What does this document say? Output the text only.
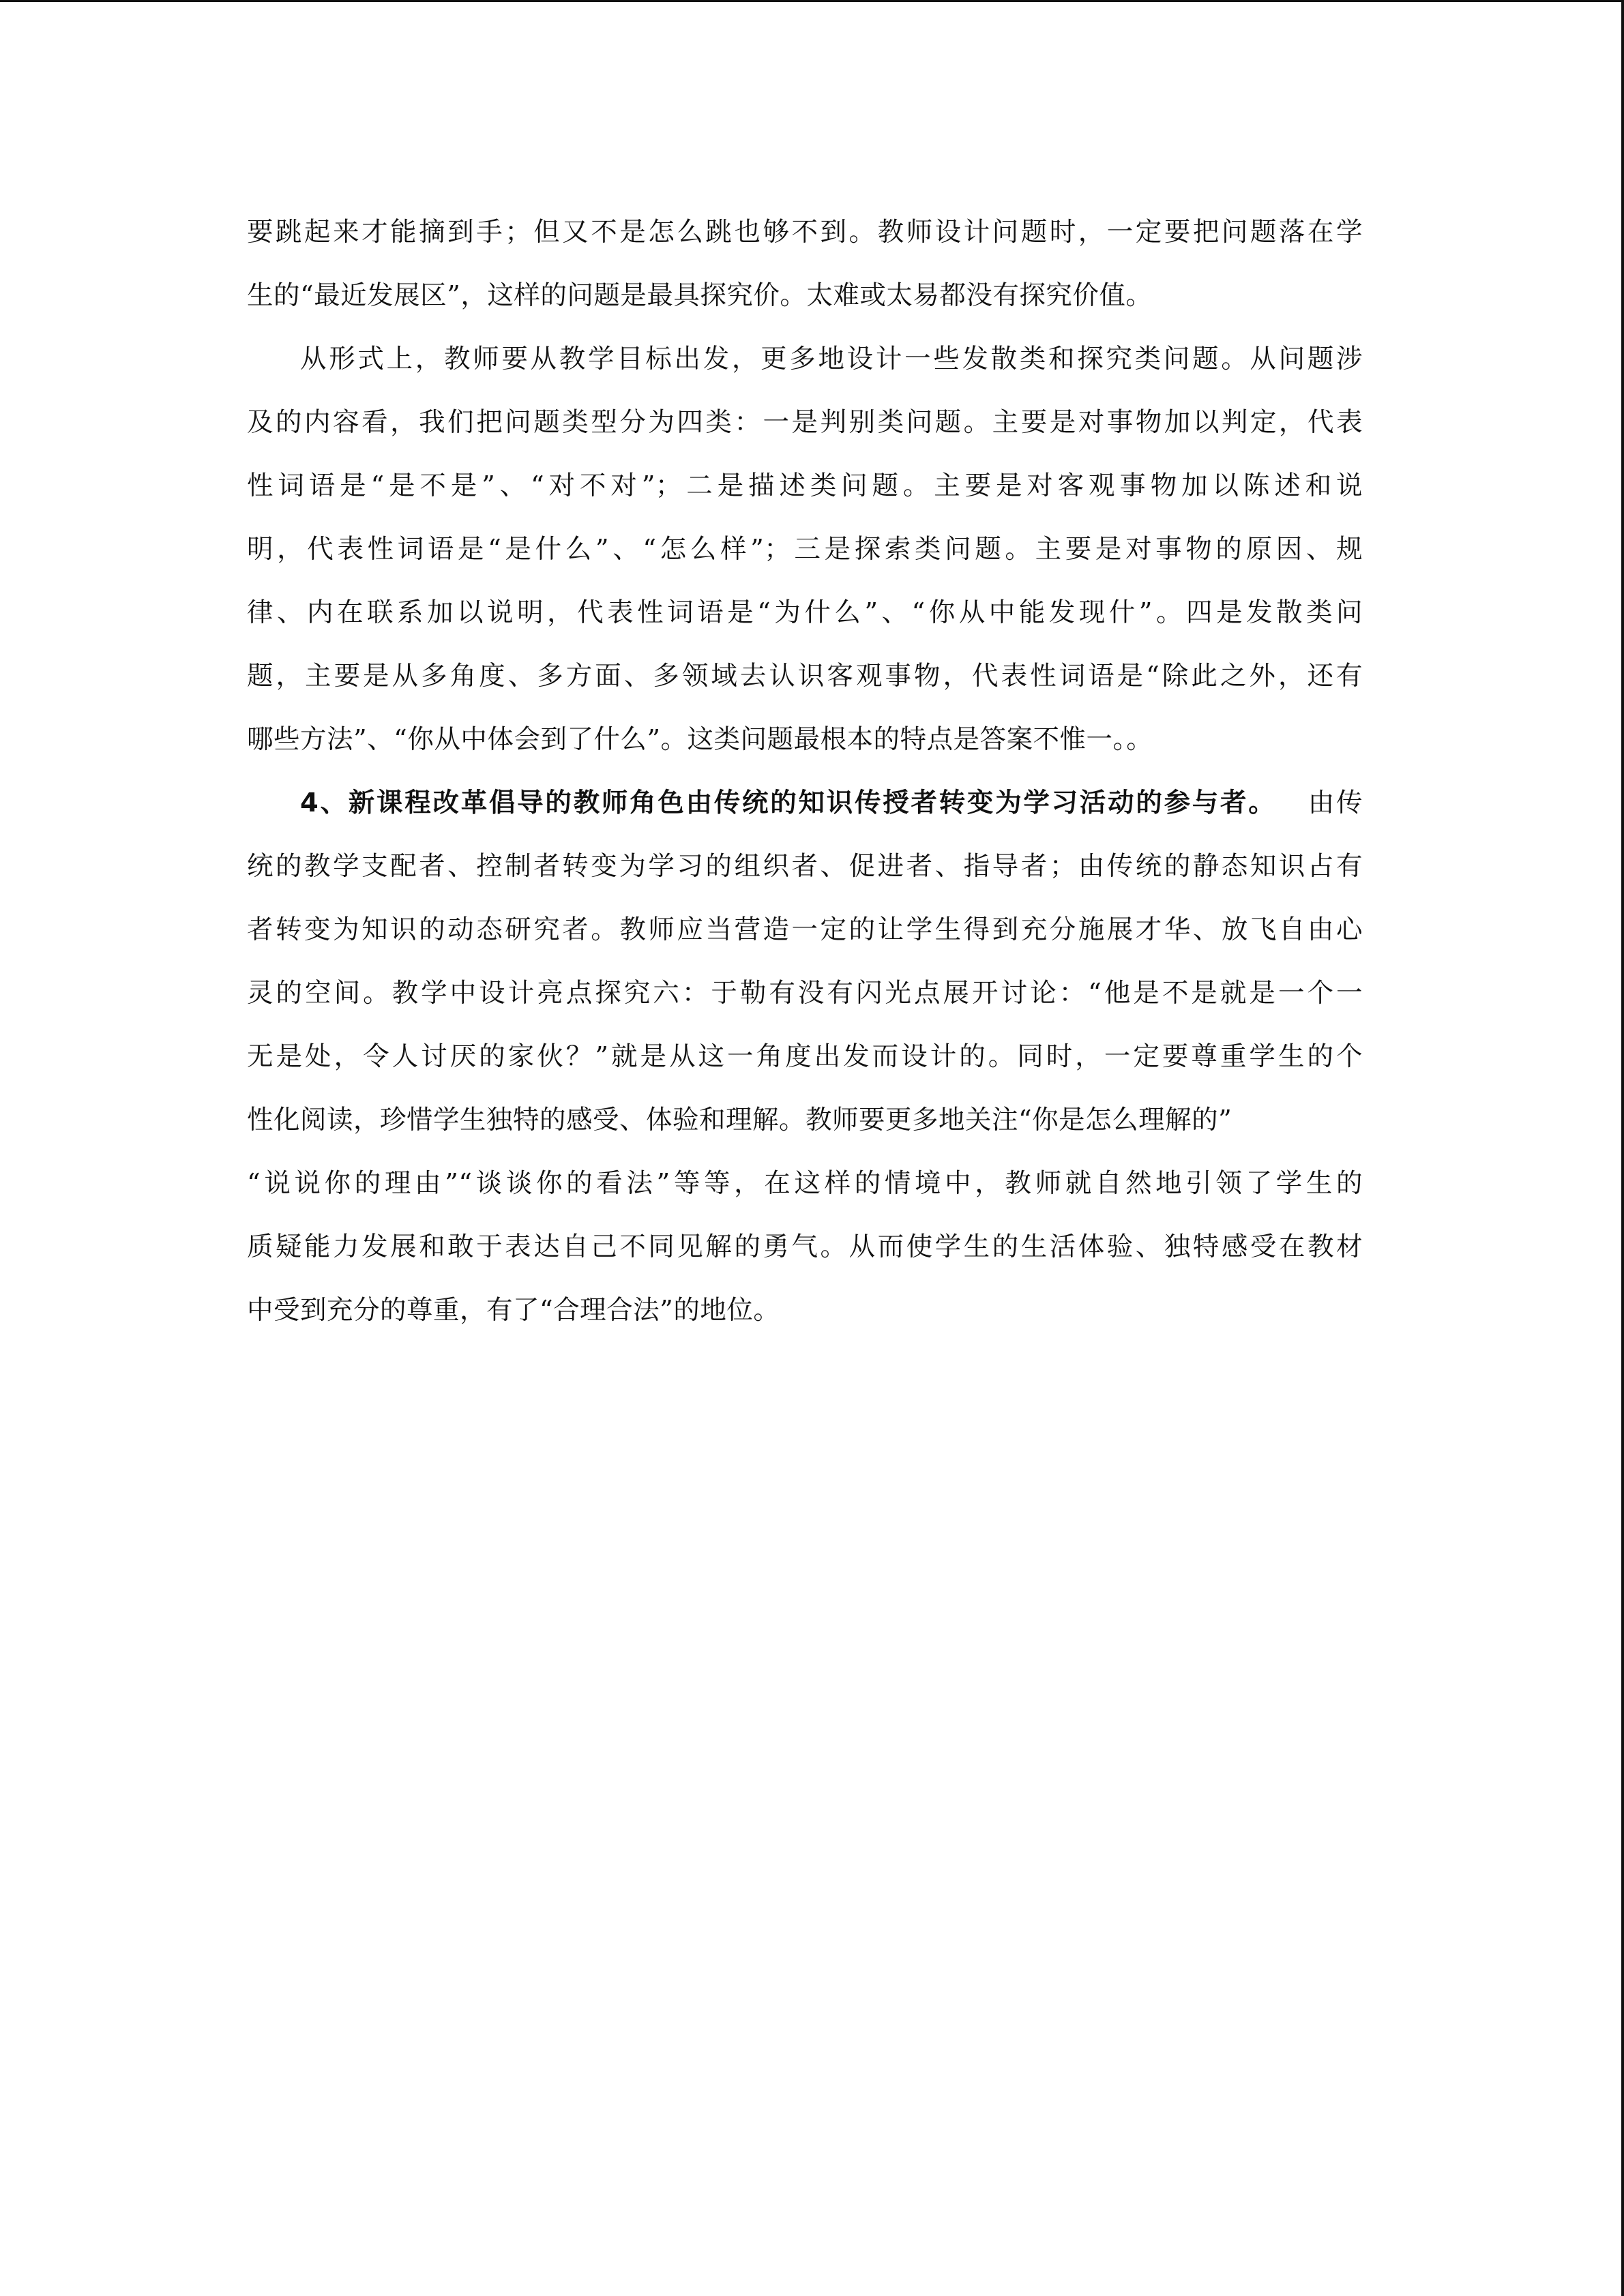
要跳起来才能摘到手；但又不是怎么跳也够不到。教师设计问题时，一定要把问题落在学
生的“最近发展区”，这样的问题是最具探究价。太难或太易都没有探究价值。
从形式上，教师要从教学目标出发，更多地设计一些发散类和探究类问题。从问题涉
及的内容看，我们把问题类型分为四类：一是判别类问题。主要是对事物加以判定，代表
性词语是“是不是”、“对不对”；二是描述类问题。主要是对客观事物加以陈述和说
明，代表性词语是“是什么”、“怎么样”；三是探索类问题。主要是对事物的原因、规
律、内在联系加以说明，代表性词语是“为什么”、“你从中能发现什”。四是发散类问
题，主要是从多角度、多方面、多领域去认识客观事物，代表性词语是“除此之外，还有
哪些方法”、“你从中体会到了什么”。这类问题最根本的特点是答案不惟一。。
4、新课程改革倡导的教师角色由传统的知识传授者转变为学习活动的参与者。 由传
统的教学支配者、控制者转变为学习的组织者、促进者、指导者；由传统的静态知识占有
者转变为知识的动态研究者。教师应当营造一定的让学生得到充分施展才华、放飞自由心
灵的空间。教学中设计亮点探究六：于勒有没有闪光点展开讨论：“他是不是就是一个一
无是处，令人讨厌的家伙？”就是从这一角度出发而设计的。同时，一定要尊重学生的个
性化阅读，珍惜学生独特的感受、体验和理解。教师要更多地关注“你是怎么理解的”
“说说你的理由”“谈谈你的看法”等等，在这样的情境中，教师就自然地引领了学生的
质疑能力发展和敢于表达自己不同见解的勇气。从而使学生的生活体验、独特感受在教材
中受到充分的尊重，有了“合理合法”的地位。
